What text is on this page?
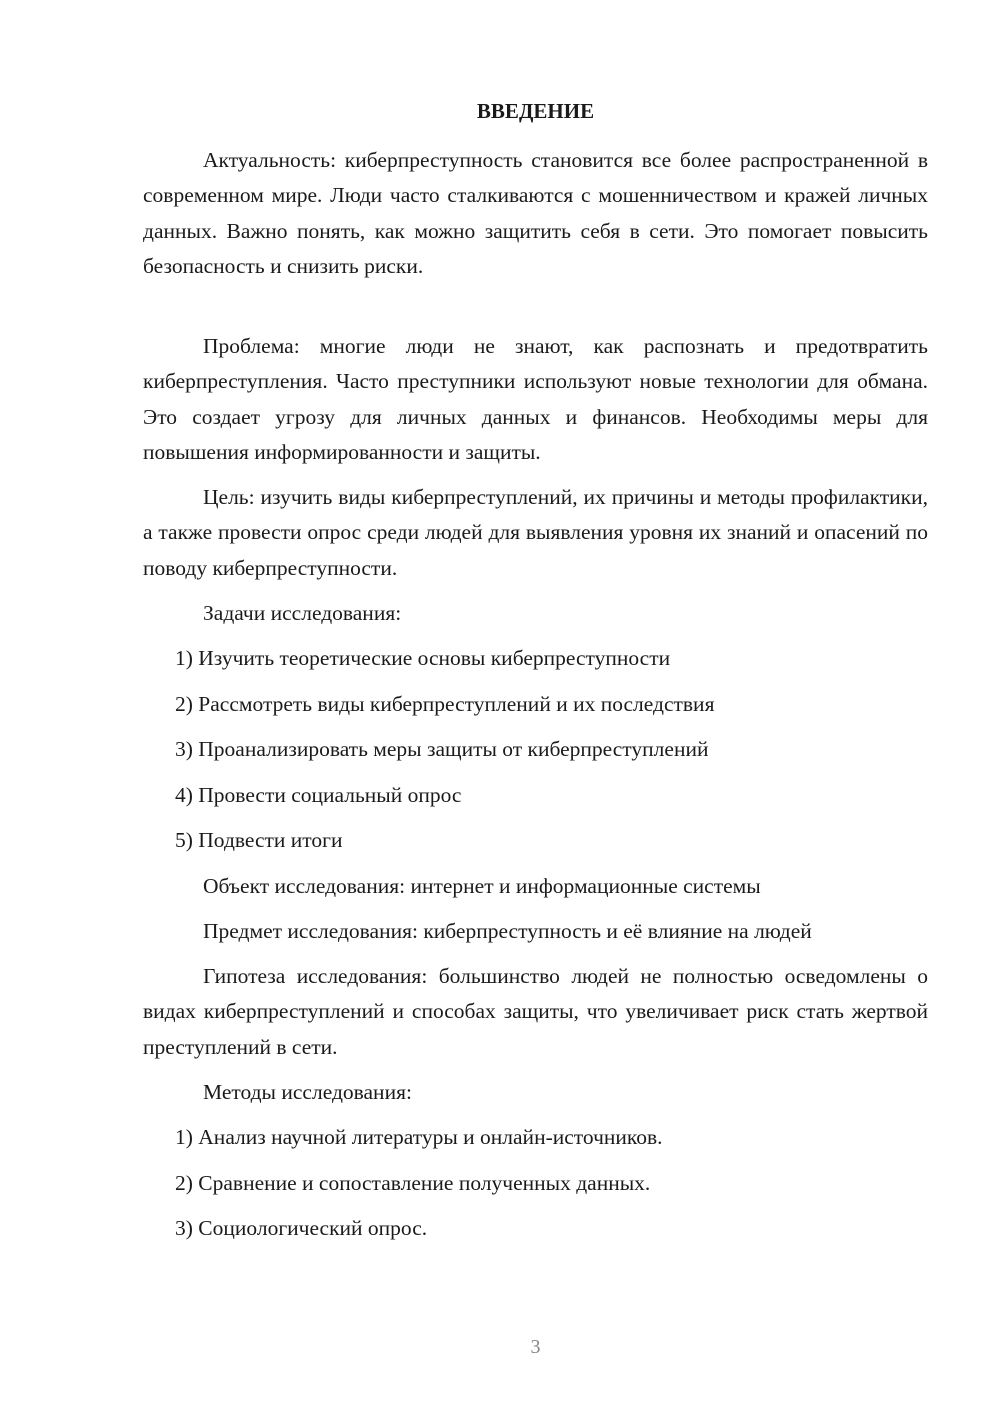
ВВЕДЕНИЕ

Актуальность: киберпреступность становится все более распространенной в современном мире. Люди часто сталкиваются с мошенничеством и кражей личных данных. Важно понять, как можно защитить себя в сети. Это помогает повысить безопасность и снизить риски.

Проблема: многие люди не знают, как распознать и предотвратить киберпреступления. Часто преступники используют новые технологии для обмана. Это создает угрозу для личных данных и финансов. Необходимы меры для повышения информированности и защиты.

Цель: изучить виды киберпреступлений, их причины и методы профилактики, а также провести опрос среди людей для выявления уровня их знаний и опасений по поводу киберпреступности.

Задачи исследования:

1) Изучить теоретические основы киберпреступности

2) Рассмотреть виды киберпреступлений и их последствия

3) Проанализировать меры защиты от киберпреступлений

4) Провести социальный опрос

5) Подвести итоги

Объект исследования: интернет и информационные системы

Предмет исследования: киберпреступность и её влияние на людей

Гипотеза исследования: большинство людей не полностью осведомлены о видах киберпреступлений и способах защиты, что увеличивает риск стать жертвой преступлений в сети.

Методы исследования:

1) Анализ научной литературы и онлайн-источников.

2) Сравнение и сопоставление полученных данных.

3) Социологический опрос.

3
